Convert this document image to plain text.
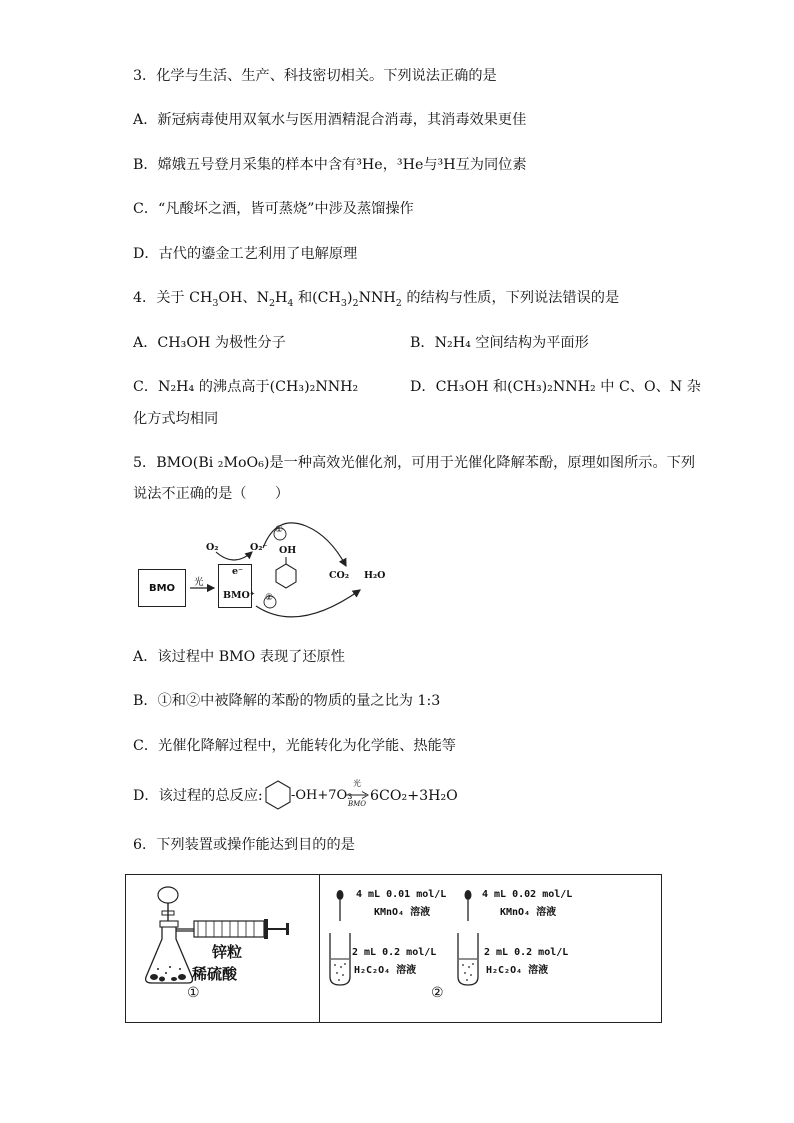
3．化学与生活、生产、科技密切相关。下列说法正确的是
A．新冠病毒使用双氧水与医用酒精混合消毒，其消毒效果更佳
B．嫦娥五号登月采集的样本中含有³He，³He与³H互为同位素
C．“凡酸坏之酒，皆可蒸烧”中涉及蒸馏操作
D．古代的鎏金工艺利用了电解原理
4．关于 $CH_3OH$、$N_2H_4$ 和$(CH_3)_2NNH_2$ 的结构与性质，下列说法错误的是
A．CH₃OH 为极性分子	B．N₂H₄ 空间结构为平面形
C．N₂H₄ 的沸点高于(CH₃)₂NNH₂	D．CH₃OH 和(CH₃)₂NNH₂ 中 C、O、N 杂
化方式均相同
5．BMO(Bi ₂MoO₆)是一种高效光催化剂，可用于光催化降解苯酚，原理如图所示。下列
说法不正确的是（　　）
BMO
BMO⁺
光
e⁻
O₂	O₂⁻
①
②
OH
CO₂ H₂O
A．该过程中 BMO 表现了还原性
B．①和②中被降解的苯酚的物质的量之比为 1:3
C．光催化降解过程中，光能转化为化学能、热能等
D．该过程的总反应: -OH+7O₃
光
BMO 6CO₂+3H₂O
6．下列装置或操作能达到目的的是
锌粒
稀硫酸
①
4 mL 0.01 mol/L
KMnO₄ 溶液
2 mL 0.2 mol/L
H₂C₂O₄ 溶液
4 mL 0.02 mol/L
KMnO₄ 溶液
2 mL 0.2 mol/L
H₂C₂O₄ 溶液
②
